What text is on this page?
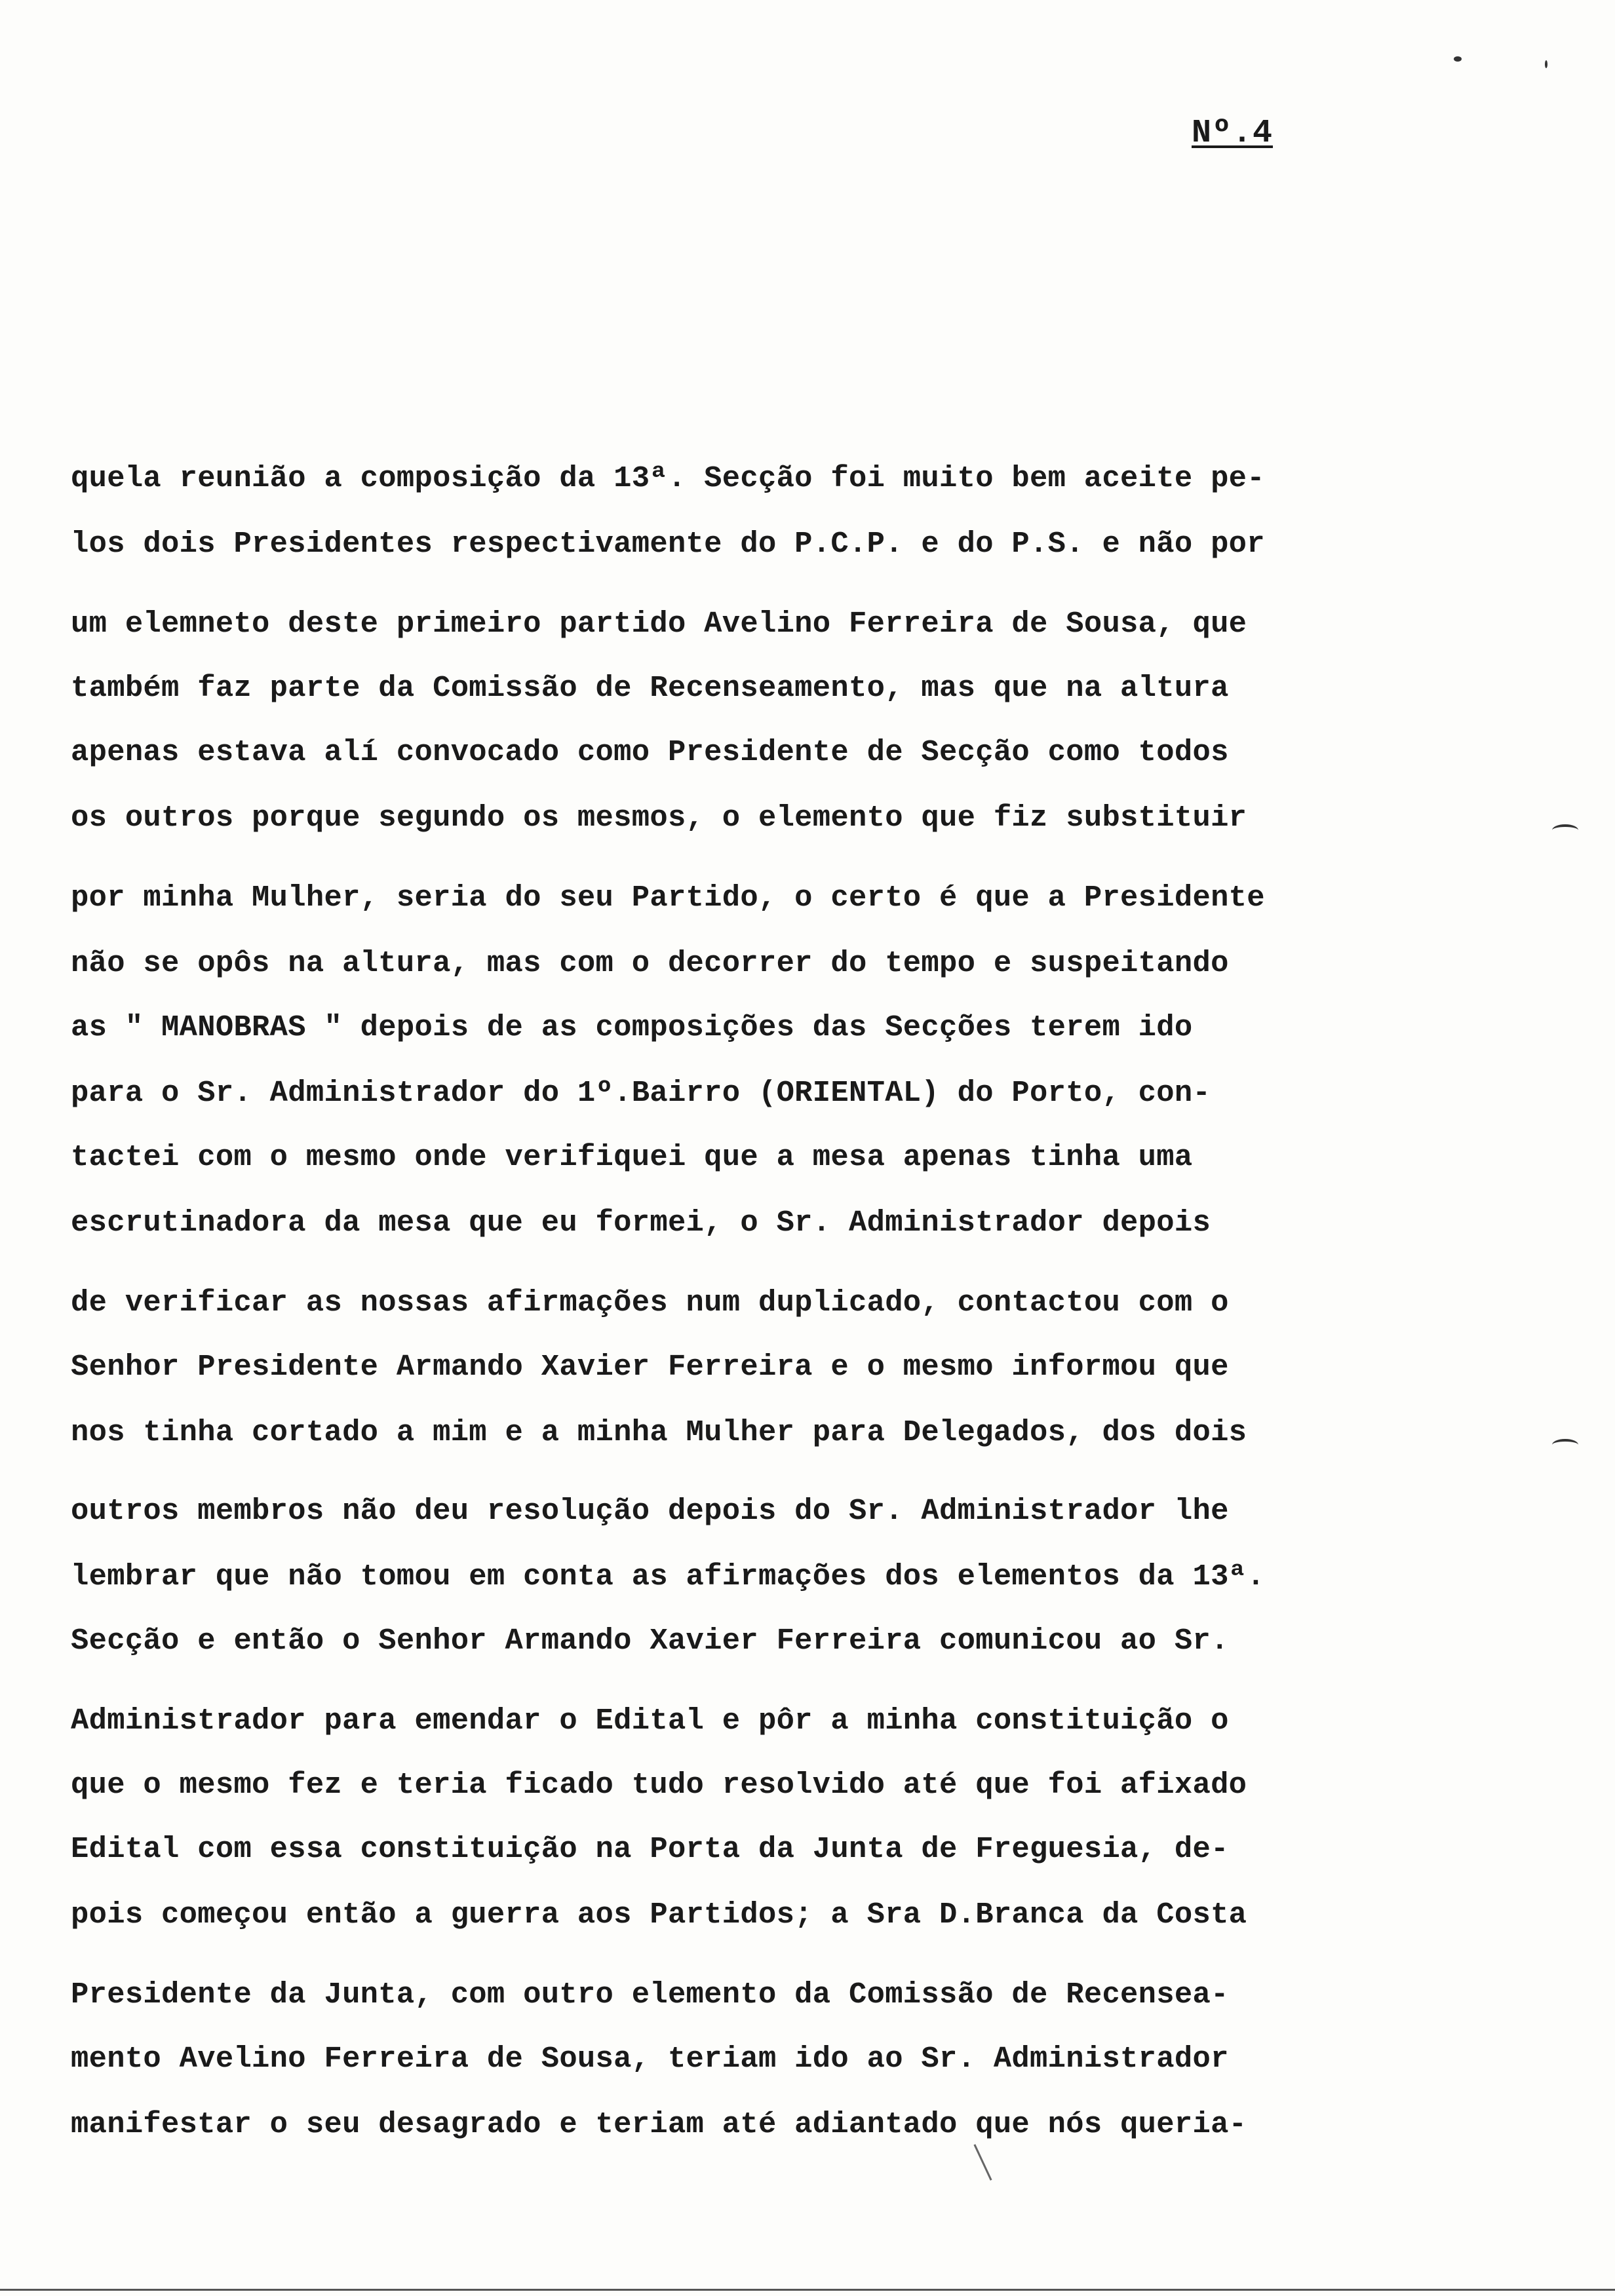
Nº.4
quela reunião a composição da 13ª. Secção foi muito bem aceite pe-
los dois Presidentes respectivamente do P.C.P. e do P.S. e não por
um elemneto deste primeiro partido Avelino Ferreira de Sousa, que
também faz parte da Comissão de Recenseamento, mas que na altura
apenas estava alí convocado como Presidente de Secção como todos
os outros porque segundo os mesmos, o elemento que fiz substituir
por minha Mulher, seria do seu Partido, o certo é que a Presidente
não se opôs na altura, mas com o decorrer do tempo e suspeitando
as " MANOBRAS " depois de as composições das Secções terem ido
para o Sr. Administrador do 1º.Bairro (ORIENTAL) do Porto, con-
tactei com o mesmo onde verifiquei que a mesa apenas tinha uma
escrutinadora da mesa que eu formei, o Sr. Administrador depois
de verificar as nossas afirmações num duplicado, contactou com o
Senhor Presidente Armando Xavier Ferreira e o mesmo informou que
nos tinha cortado a mim e a minha Mulher para Delegados, dos dois
outros membros não deu resolução depois do Sr. Administrador lhe
lembrar que não tomou em conta as afirmações dos elementos da 13ª.
Secção e então o Senhor Armando Xavier Ferreira comunicou ao Sr.
Administrador para emendar o Edital e pôr a minha constituição o
que o mesmo fez e teria ficado tudo resolvido até que foi afixado
Edital com essa constituição na Porta da Junta de Freguesia, de-
pois começou então a guerra aos Partidos; a Sra D.Branca da Costa
Presidente da Junta, com outro elemento da Comissão de Recensea-
mento Avelino Ferreira de Sousa, teriam ido ao Sr. Administrador
manifestar o seu desagrado e teriam até adiantado que nós queria-
